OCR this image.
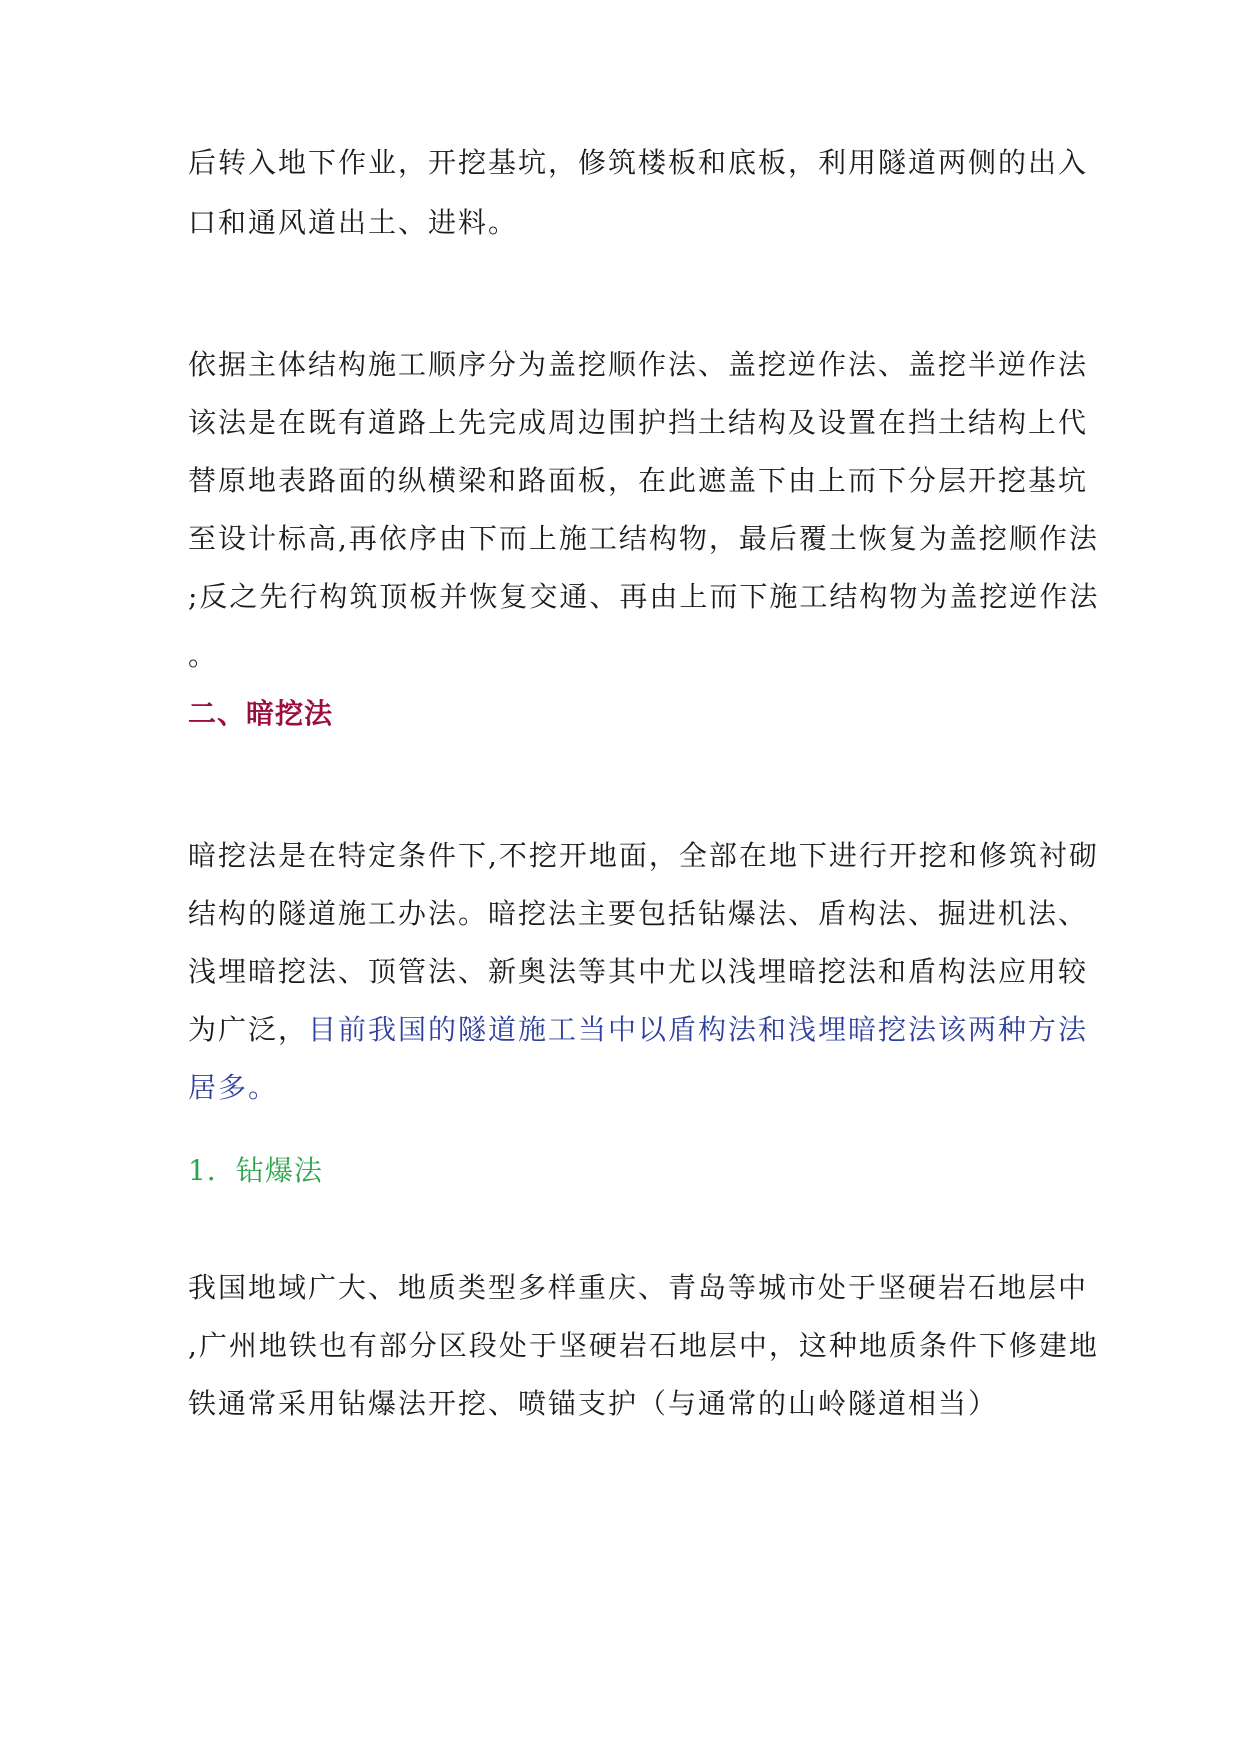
后转入地下作业，开挖基坑，修筑楼板和底板，利用隧道两侧的出入
口和通风道出土、进料。
依据主体结构施工顺序分为盖挖顺作法、盖挖逆作法、盖挖半逆作法
该法是在既有道路上先完成周边围护挡土结构及设置在挡土结构上代
替原地表路面的纵横梁和路面板，在此遮盖下由上而下分层开挖基坑
至设计标高,再依序由下而上施工结构物，最后覆土恢复为盖挖顺作法
;反之先行构筑顶板并恢复交通、再由上而下施工结构物为盖挖逆作法
。
二、暗挖法
暗挖法是在特定条件下,不挖开地面，全部在地下进行开挖和修筑衬砌
结构的隧道施工办法。暗挖法主要包括钻爆法、盾构法、掘进机法、
浅埋暗挖法、顶管法、新奥法等其中尤以浅埋暗挖法和盾构法应用较
为广泛，目前我国的隧道施工当中以盾构法和浅埋暗挖法该两种方法
居多。
1．钻爆法
我国地域广大、地质类型多样重庆、青岛等城市处于坚硬岩石地层中
,广州地铁也有部分区段处于坚硬岩石地层中，这种地质条件下修建地
铁通常采用钻爆法开挖、喷锚支护（与通常的山岭隧道相当）
